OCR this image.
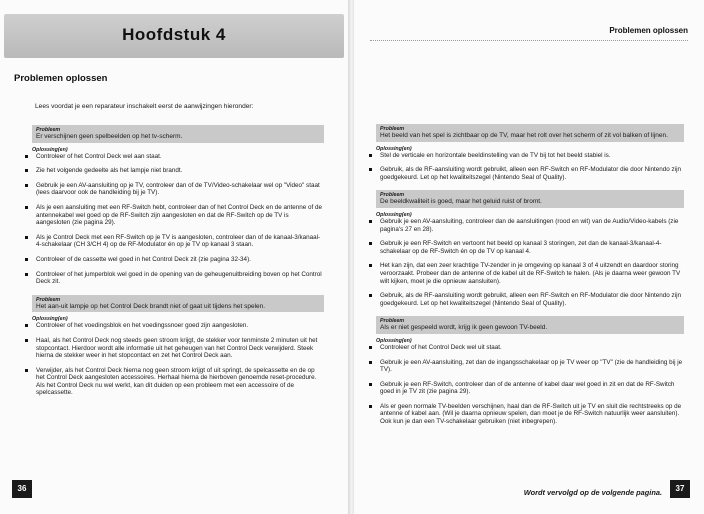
Hoofdstuk 4
Problemen oplossen
Lees voordat je een reparateur inschakelt eerst de aanwijzingen hieronder:
Probleem
Er verschijnen geen spelbeelden op het tv-scherm.
Oplossing(en)
Controleer of het Control Deck wel aan staat.
Zie het volgende gedeelte als het lampje niet brandt.
Gebruik je een AV-aansluiting op je TV, controleer dan of de TV/Video-schakelaar wel op "Video" staat (lees daarvoor ook de handleiding bij je TV).
Als je een aansluiting met een RF-Switch hebt, controleer dan of het Control Deck en de antenne of de antennekabel wel goed op de RF-Switch zijn aangesloten en dat de RF-Switch op de TV is aangesloten (zie pagina 29).
Als je Control Deck met een RF-Switch op je TV is aangesloten, controleer dan of de kanaal-3/kanaal-4-schakelaar (CH 3/CH 4) op de RF-Modulator én op je TV op kanaal 3 staan.
Controleer of de cassette wel goed in het Control Deck zit (zie pagina 32-34).
Controleer of het jumperblok wel goed in de opening van de geheugenuitbreiding boven op het Control Deck zit.
Probleem
Het aan-uit lampje op het Control Deck brandt niet of gaat uit tijdens het spelen.
Oplossing(en)
Controleer of het voedingsblok en het voedingssnoer goed zijn aangesloten.
Haal, als het Control Deck nog steeds geen stroom krijgt, de stekker voor tenminste 2 minuten uit het stopcontact. Hierdoor wordt alle informatie uit het geheugen van het Control Deck verwijderd. Steek hierna de stekker weer in het stopcontact en zet het Control Deck aan.
Verwijder, als het Control Deck hierna nog geen stroom krijgt of uit springt, de spelcassette en de op het Control Deck aangesloten accessoires. Herhaal hierna de hierboven genoemde reset-procedure. Als het Control Deck nu wel werkt, kan dit duiden op een probleem met een accessoire of de spelcassette.
36
Problemen oplossen
Probleem
Het beeld van het spel is zichtbaar op de TV, maar het rolt over het scherm of zit vol balken of lijnen.
Oplossing(en)
Stel de verticale en horizontale beeldinstelling van de TV bij tot het beeld stabiel is.
Gebruik, als de RF-aansluiting wordt gebruikt, alleen een RF-Switch en RF-Modulator die door Nintendo zijn goedgekeurd. Let op het kwaliteitszegel (Nintendo Seal of Quality).
Probleem
De beeldkwaliteit is goed, maar het geluid ruist of bromt.
Oplossing(en)
Gebruik je een AV-aansluiting, controleer dan de aansluitingen (rood en wit) van de Audio/Video-kabels (zie pagina's 27 en 28).
Gebruik je een RF-Switch en vertoont het beeld op kanaal 3 storingen, zet dan de kanaal-3/kanaal-4-schakelaar op de RF-Switch én op de TV op kanaal 4.
Het kan zijn, dat een zeer krachtige TV-zender in je omgeving op kanaal 3 of 4 uitzendt en daardoor storing veroorzaakt. Probeer dan de antenne of de kabel uit de RF-Switch te halen. (Als je daarna weer gewoon TV wilt kijken, moet je die opnieuw aansluiten).
Gebruik, als de RF-aansluiting wordt gebruikt, alleen een RF-Switch en RF-Modulator die door Nintendo zijn goedgekeurd. Let op het kwaliteitszegel (Nintendo Seal of Quality).
Probleem
Als er niet gespeeld wordt, krijg ik geen gewoon TV-beeld.
Oplossing(en)
Controleer of het Control Deck wel uit staat.
Gebruik je een AV-aansluiting, zet dan de ingangsschakelaar op je TV weer op "TV" (zie de handleiding bij je TV).
Gebruik je een RF-Switch, controleer dan of de antenne of kabel daar wel goed in zit en dat de RF-Switch goed in je TV zit (zie pagina 29).
Als er geen normale TV-beelden verschijnen, haal dan de RF-Switch uit je TV en sluit die rechtstreeks op de antenne of kabel aan. (Wil je daarna opnieuw spelen, dan moet je de RF-Switch natuurlijk weer aansluiten). Ook kun je dan een TV-schakelaar gebruiken (niet inbegrepen).
Wordt vervolgd op de volgende pagina.	37
